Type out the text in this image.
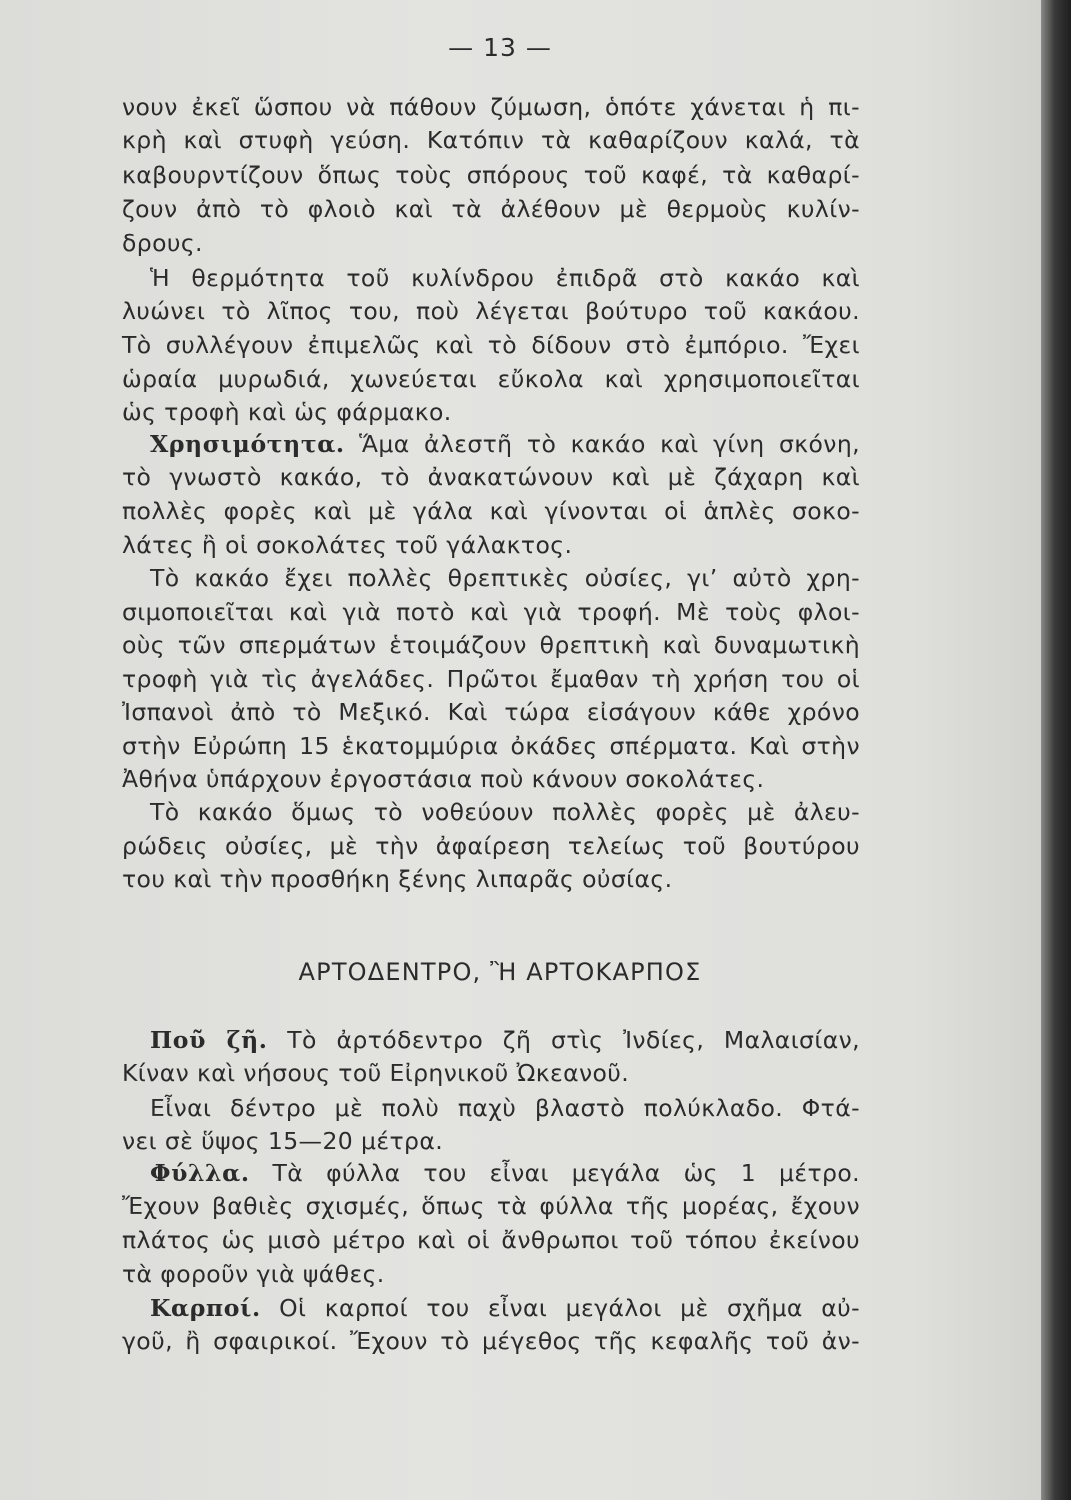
— 13 —
νουν ἐκεῖ ὥσπου νὰ πάθουν ζύμωση, ὁπότε χάνεται ἡ πι-
κρὴ καὶ στυφὴ γεύση. Κατόπιν τὰ καθαρίζουν καλά, τὰ
καβουρντίζουν ὅπως τοὺς σπόρους τοῦ καφέ, τὰ καθαρί-
ζουν ἀπὸ τὸ φλοιὸ καὶ τὰ ἀλέθουν μὲ θερμοὺς κυλίν-
δρους.
Ἡ θερμότητα τοῦ κυλίνδρου ἐπιδρᾶ στὸ κακάο καὶ
λυώνει τὸ λῖπος του, ποὺ λέγεται βούτυρο τοῦ κακάου.
Τὸ συλλέγουν ἐπιμελῶς καὶ τὸ δίδουν στὸ ἐμπόριο. Ἔχει
ὡραία μυρωδιά, χωνεύεται εὔκολα καὶ χρησιμοποιεῖται
ὡς τροφὴ καὶ ὡς φάρμακο.
Χρησιμότητα. Ἅμα ἀλεστῆ τὸ κακάο καὶ γίνη σκόνη,
τὸ γνωστὸ κακάο, τὸ ἀνακατώνουν καὶ μὲ ζάχαρη καὶ
πολλὲς φορὲς καὶ μὲ γάλα καὶ γίνονται οἱ ἁπλὲς σοκο-
λάτες ἢ οἱ σοκολάτες τοῦ γάλακτος.
Τὸ κακάο ἔχει πολλὲς θρεπτικὲς οὐσίες, γι’ αὐτὸ χρη-
σιμοποιεῖται καὶ γιὰ ποτὸ καὶ γιὰ τροφή. Μὲ τοὺς φλοι-
οὺς τῶν σπερμάτων ἑτοιμάζουν θρεπτικὴ καὶ δυναμωτικὴ
τροφὴ γιὰ τὶς ἀγελάδες. Πρῶτοι ἔμαθαν τὴ χρήση του οἱ
Ἰσπανοὶ ἀπὸ τὸ Μεξικό. Καὶ τώρα εἰσάγουν κάθε χρόνο
στὴν Εὐρώπη 15 ἑκατομμύρια ὀκάδες σπέρματα. Καὶ στὴν
Ἀθήνα ὑπάρχουν ἐργοστάσια ποὺ κάνουν σοκολάτες.
Τὸ κακάο ὅμως τὸ νοθεύουν πολλὲς φορὲς μὲ ἀλευ-
ρώδεις οὐσίες, μὲ τὴν ἀφαίρεση τελείως τοῦ βουτύρου
του καὶ τὴν προσθήκη ξένης λιπαρᾶς οὐσίας.
ΑΡΤΟΔΕΝΤΡΟ, Ἢ ΑΡΤΟΚΑΡΠΟΣ
Ποῦ ζῆ. Τὸ ἀρτόδεντρο ζῆ στὶς Ἰνδίες, Μαλαισίαν,
Κίναν καὶ νήσους τοῦ Εἰρηνικοῦ Ὠκεανοῦ.
Εἶναι δέντρο μὲ πολὺ παχὺ βλαστὸ πολύκλαδο. Φτά-
νει σὲ ὕψος 15—20 μέτρα.
Φύλλα. Τὰ φύλλα του εἶναι μεγάλα ὡς 1 μέτρο.
Ἔχουν βαθιὲς σχισμές, ὅπως τὰ φύλλα τῆς μορέας, ἔχουν
πλάτος ὡς μισὸ μέτρο καὶ οἱ ἄνθρωποι τοῦ τόπου ἐκείνου
τὰ φοροῦν γιὰ ψάθες.
Καρποί. Οἱ καρποί του εἶναι μεγάλοι μὲ σχῆμα αὐ-
γοῦ, ἢ σφαιρικοί. Ἔχουν τὸ μέγεθος τῆς κεφαλῆς τοῦ ἀν-
